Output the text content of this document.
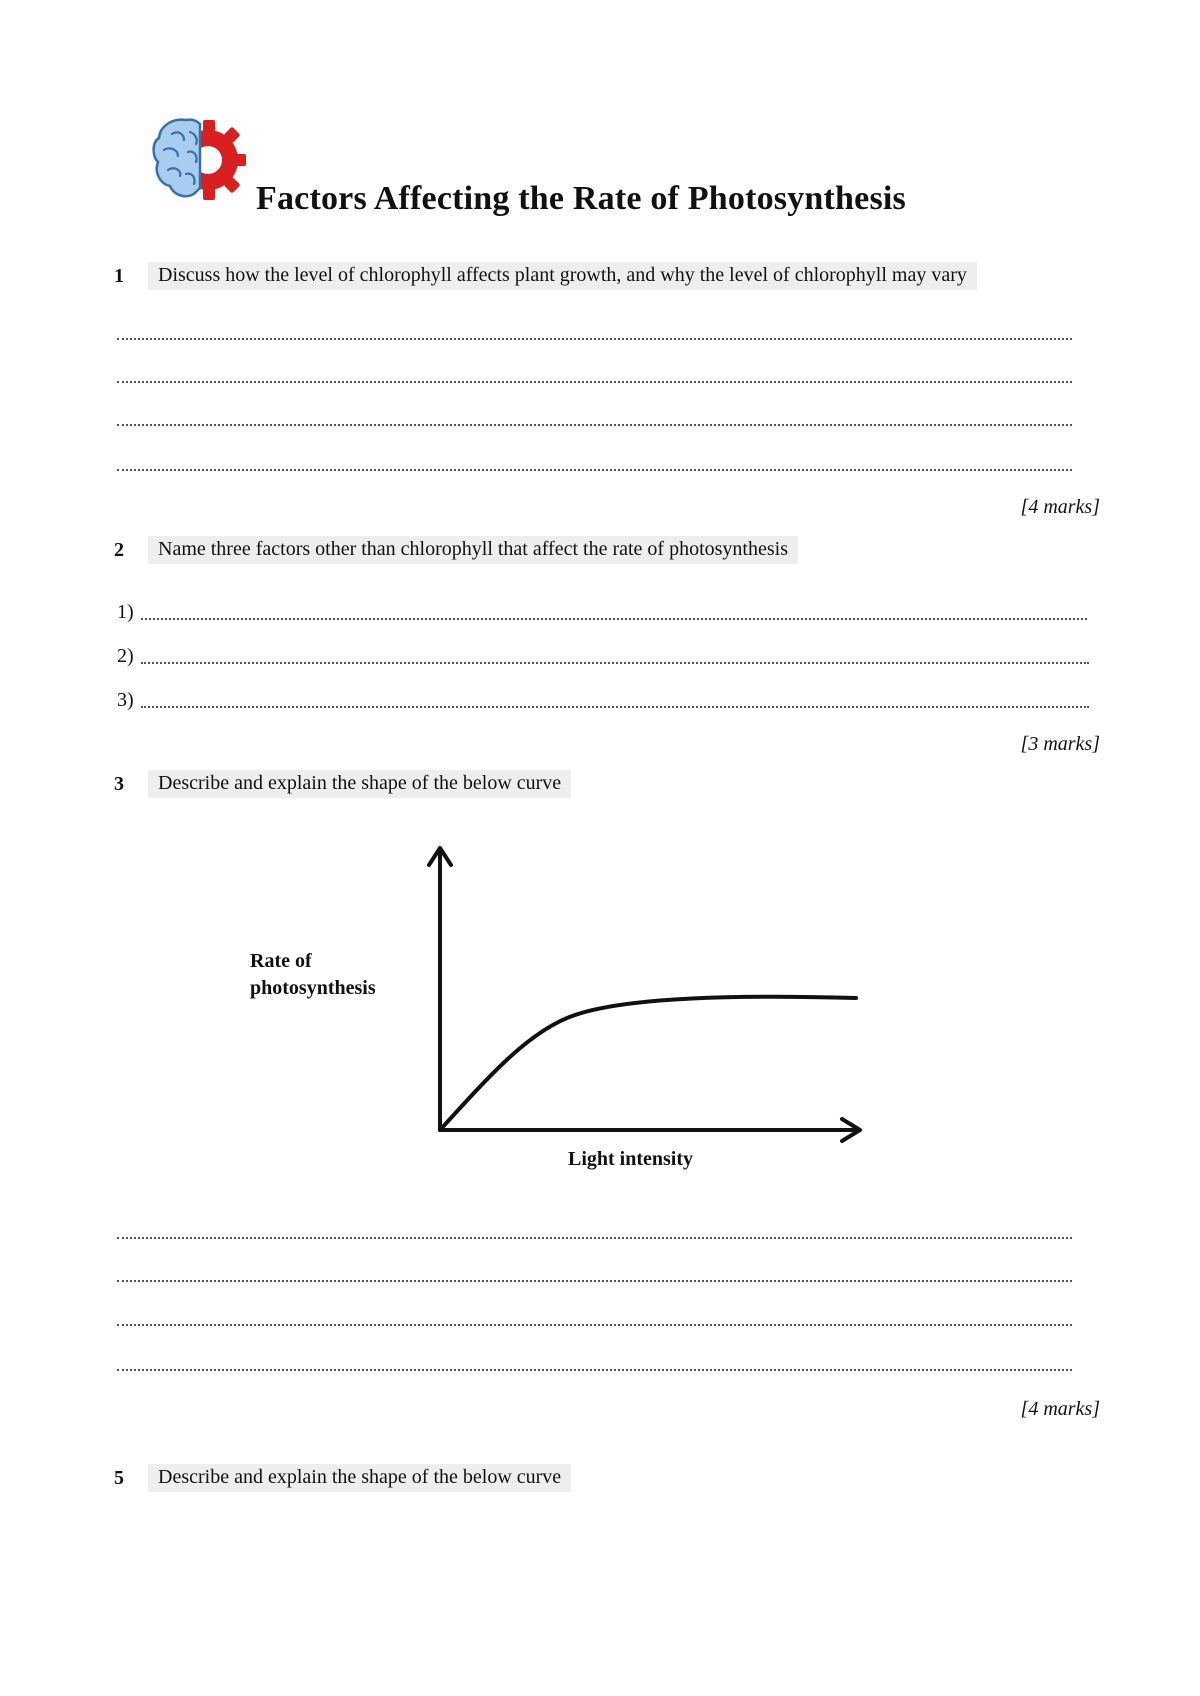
Factors Affecting the Rate of Photosynthesis
1	Discuss how the level of chlorophyll affects plant growth, and why the level of chlorophyll may vary
[4 marks]
2	Name three factors other than chlorophyll that affect the rate of photosynthesis
1)
2)
3)
[3 marks]
3	Describe and explain the shape of the below curve
Rate of
photosynthesis
Light intensity
[4 marks]
5	Describe and explain the shape of the below curve
